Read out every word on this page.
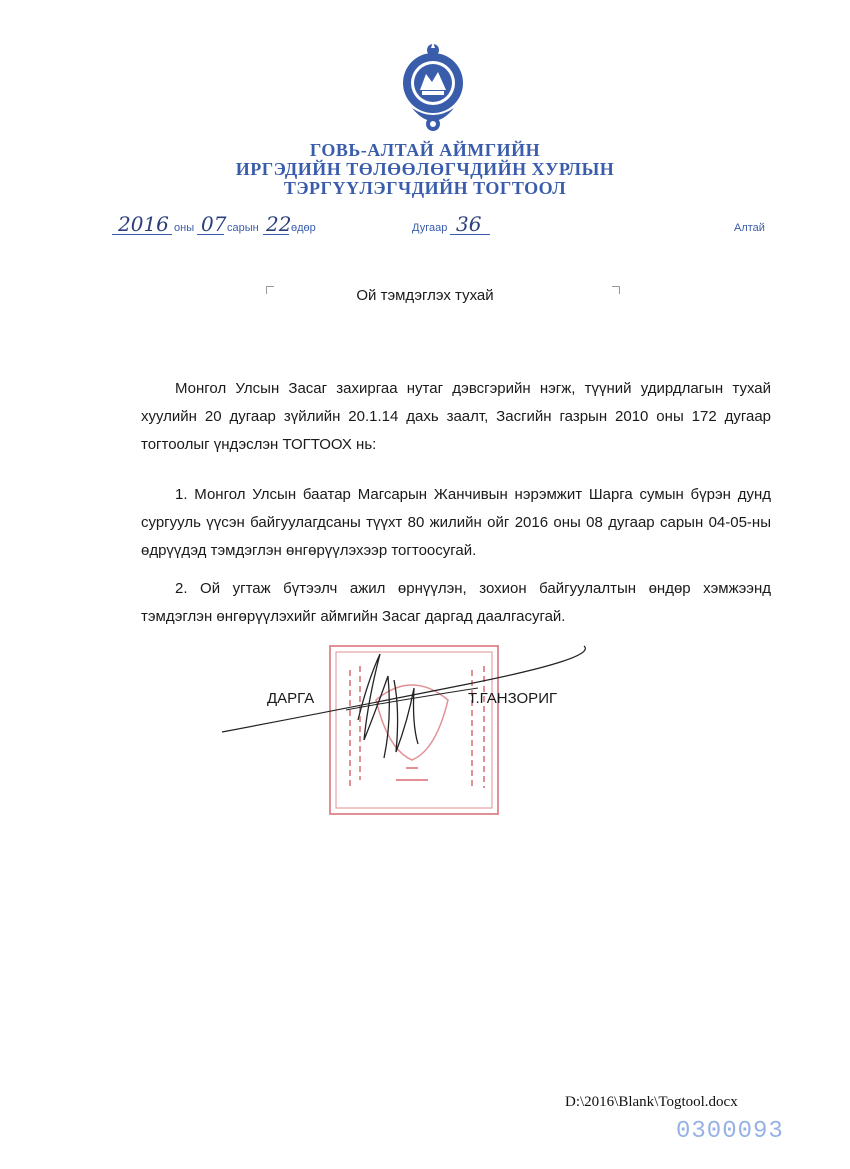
ГОВЬ-АЛТАЙ АЙМГИЙН
ИРГЭДИЙН ТӨЛӨӨЛӨГЧДИЙН ХУРЛЫН
ТЭРГҮҮЛЭГЧДИЙН ТОГТООЛ
2016 оны 07 сарын 22 өдөр	Дугаар 36	Алтай
Ой тэмдэглэх тухай
Монгол Улсын Засаг захиргаа нутаг дэвсгэрийн нэгж, түүний удирдлагын тухай хуулийн 20 дугаар зүйлийн 20.1.14 дахь заалт, Засгийн газрын 2010 оны 172 дугаар тогтоолыг үндэслэн ТОГТООХ нь:
1. Монгол Улсын баатар Магсарын Жанчивын нэрэмжит Шарга сумын бүрэн дунд сургууль үүсэн байгуулагдсаны түүхт 80 жилийн ойг 2016 оны 08 дугаар сарын 04-05-ны өдрүүдэд тэмдэглэн өнгөрүүлэхээр тогтоосугай.
2. Ой угтаж бүтээлч ажил өрнүүлэн, зохион байгуулалтын өндөр хэмжээнд тэмдэглэн өнгөрүүлэхийг аймгийн Засаг даргад даалгасугай.
ДАРГА	Т.ГАНЗОРИГ
D:\2016\Blank\Togtool.docx
0300093
